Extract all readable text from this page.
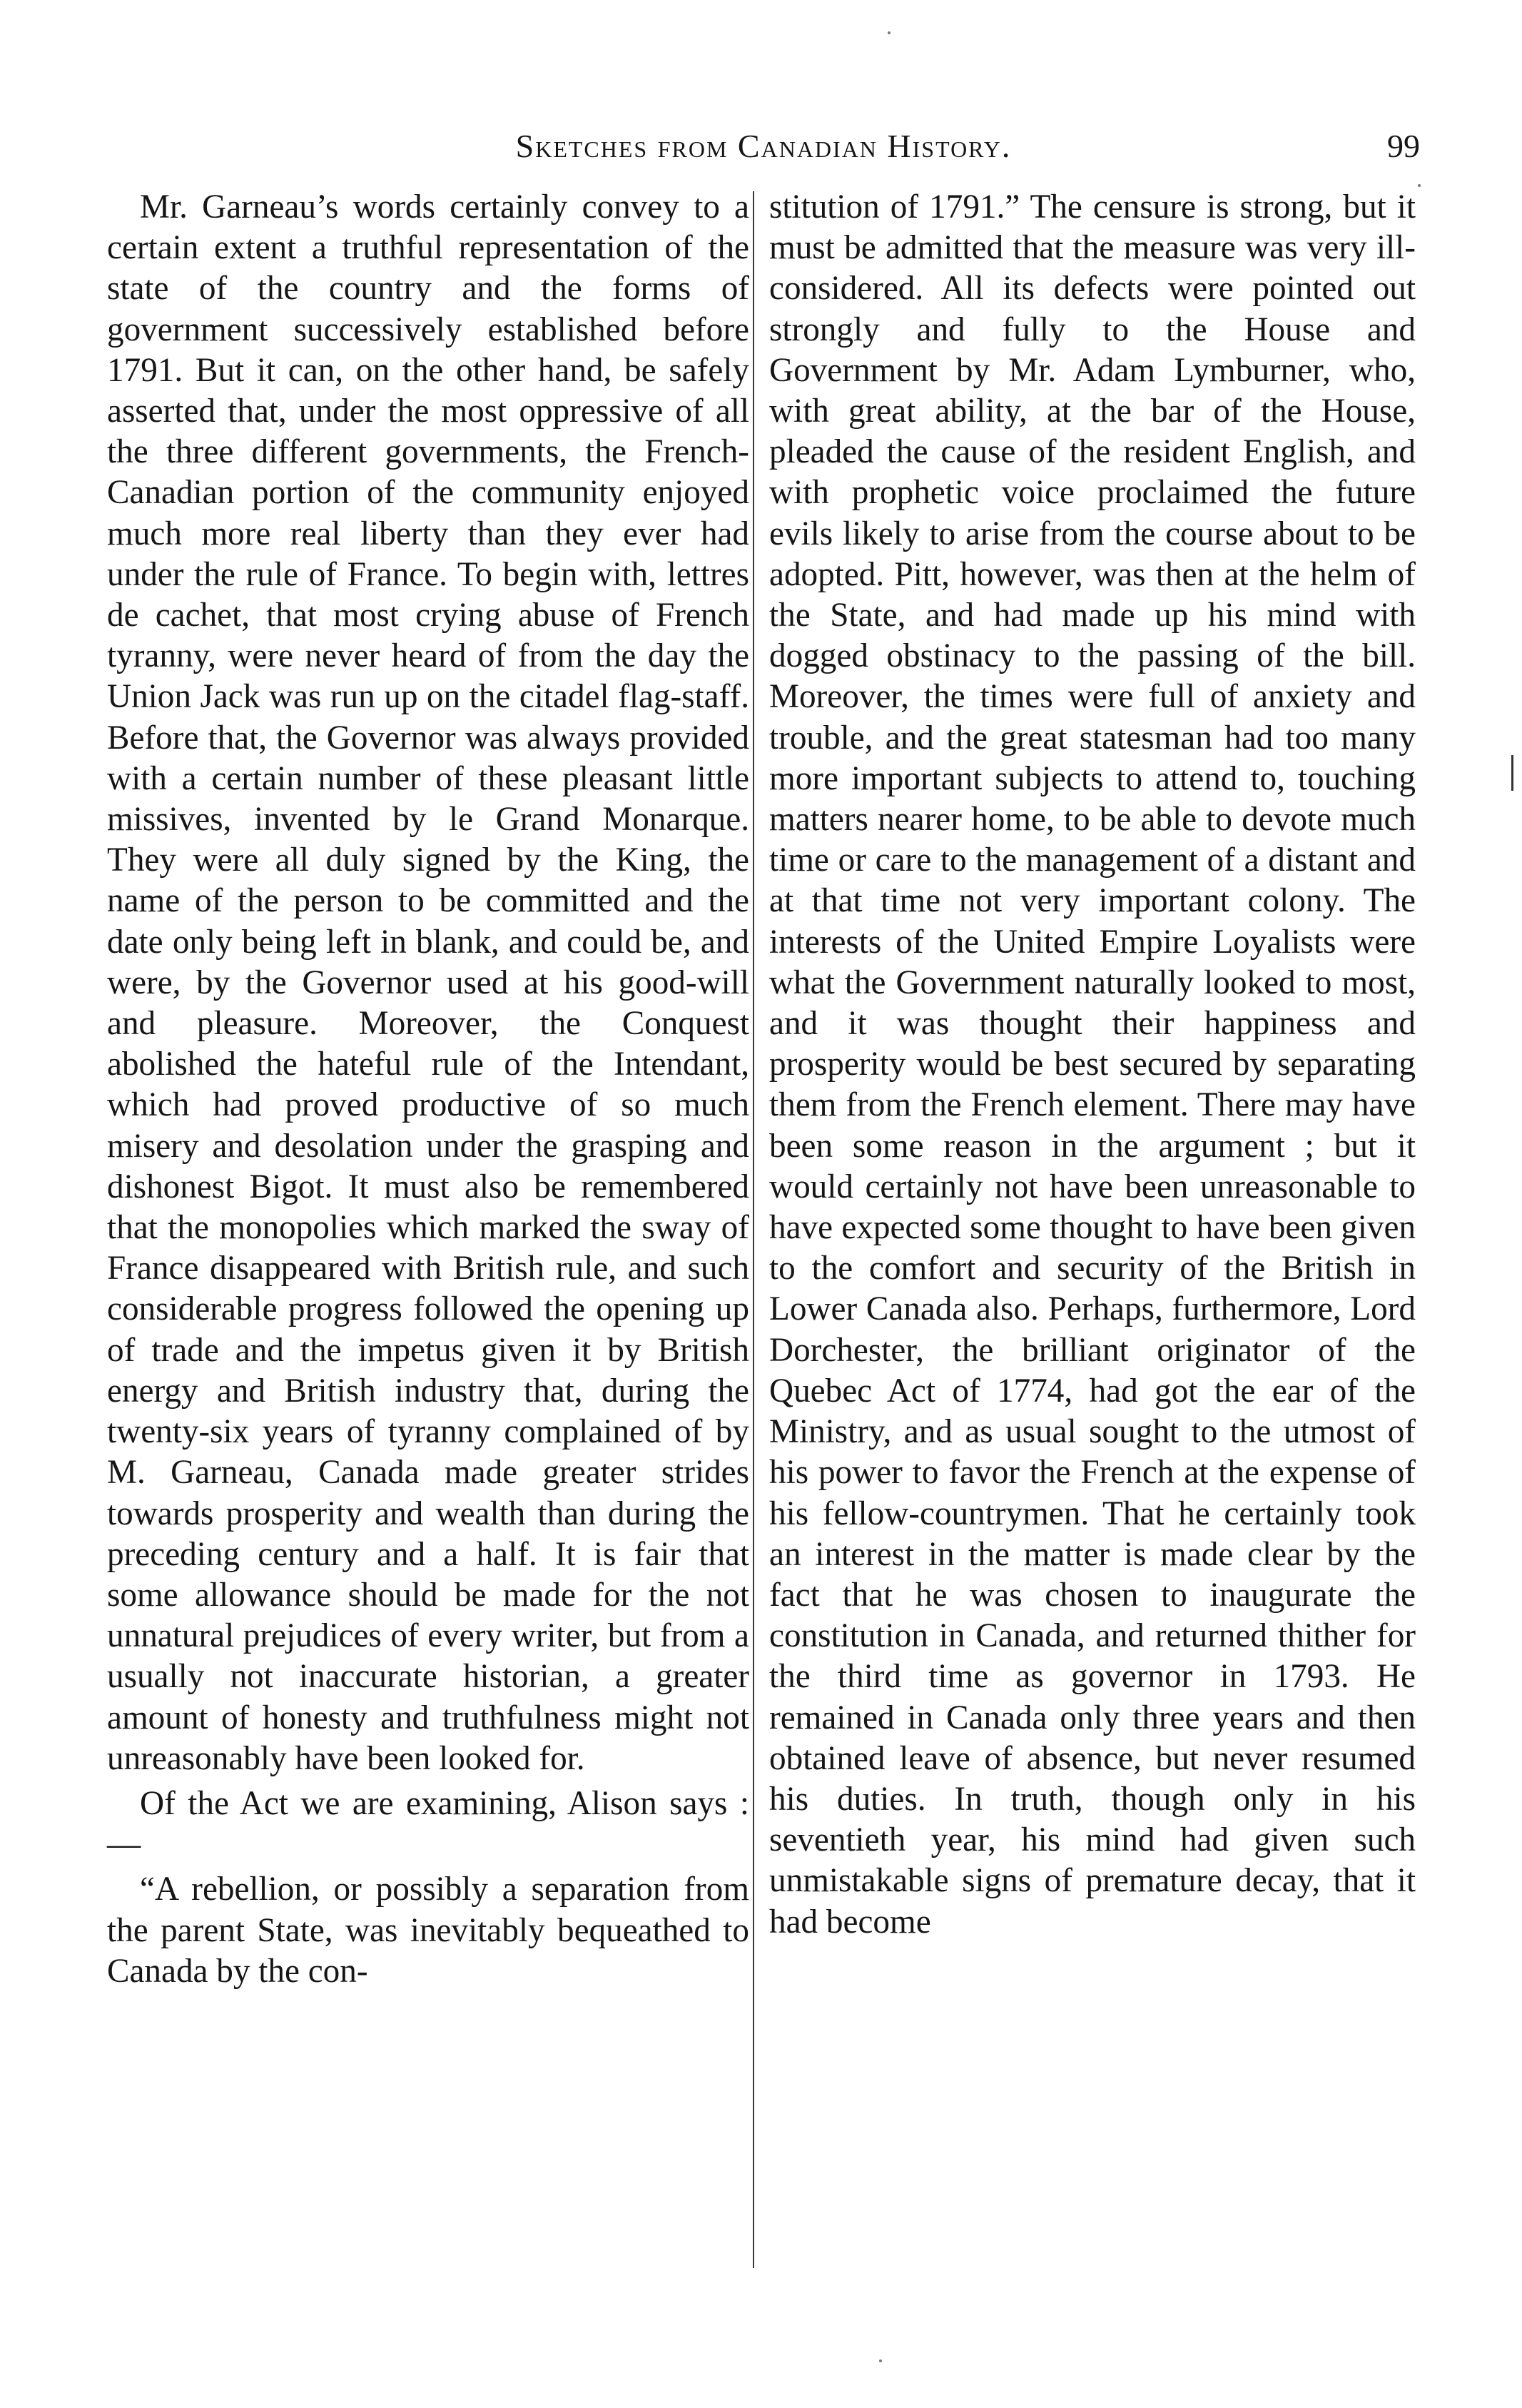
Sketches from Canadian History.	99

Mr. Garneau’s words certainly convey to a certain extent a truthful representation of the state of the country and the forms of government successively established before 1791. But it can, on the other hand, be safely asserted that, under the most oppressive of all the three different governments, the French-Canadian portion of the community enjoyed much more real liberty than they ever had under the rule of France. To begin with, lettres de cachet, that most crying abuse of French tyranny, were never heard of from the day the Union Jack was run up on the citadel flag-staff. Before that, the Governor was always provided with a certain number of these pleasant little missives, invented by le Grand Monarque. They were all duly signed by the King, the name of the person to be committed and the date only being left in blank, and could be, and were, by the Governor used at his good-will and pleasure. Moreover, the Conquest abolished the hateful rule of the Intendant, which had proved productive of so much misery and desolation under the grasping and dishonest Bigot. It must also be remembered that the monopolies which marked the sway of France disappeared with British rule, and such considerable progress followed the opening up of trade and the impetus given it by British energy and British industry that, during the twenty-six years of tyranny complained of by M. Garneau, Canada made greater strides towards prosperity and wealth than during the preceding century and a half. It is fair that some allowance should be made for the not unnatural prejudices of every writer, but from a usually not inaccurate historian, a greater amount of honesty and truthfulness might not unreasonably have been looked for.

Of the Act we are examining, Alison says :—

“A rebellion, or possibly a separation from the parent State, was inevitably bequeathed to Canada by the con-

stitution of 1791.” The censure is strong, but it must be admitted that the measure was very ill-considered. All its defects were pointed out strongly and fully to the House and Government by Mr. Adam Lymburner, who, with great ability, at the bar of the House, pleaded the cause of the resident English, and with prophetic voice proclaimed the future evils likely to arise from the course about to be adopted. Pitt, however, was then at the helm of the State, and had made up his mind with dogged obstinacy to the passing of the bill. Moreover, the times were full of anxiety and trouble, and the great statesman had too many more important subjects to attend to, touching matters nearer home, to be able to devote much time or care to the management of a distant and at that time not very important colony. The interests of the United Empire Loyalists were what the Government naturally looked to most, and it was thought their happiness and prosperity would be best secured by separating them from the French element. There may have been some reason in the argument ; but it would certainly not have been unreasonable to have expected some thought to have been given to the comfort and security of the British in Lower Canada also. Perhaps, furthermore, Lord Dorchester, the brilliant originator of the Quebec Act of 1774, had got the ear of the Ministry, and as usual sought to the utmost of his power to favor the French at the expense of his fellow-countrymen. That he certainly took an interest in the matter is made clear by the fact that he was chosen to inaugurate the constitution in Canada, and returned thither for the third time as governor in 1793. He remained in Canada only three years and then obtained leave of absence, but never resumed his duties. In truth, though only in his seventieth year, his mind had given such unmistakable signs of premature decay, that it had become
